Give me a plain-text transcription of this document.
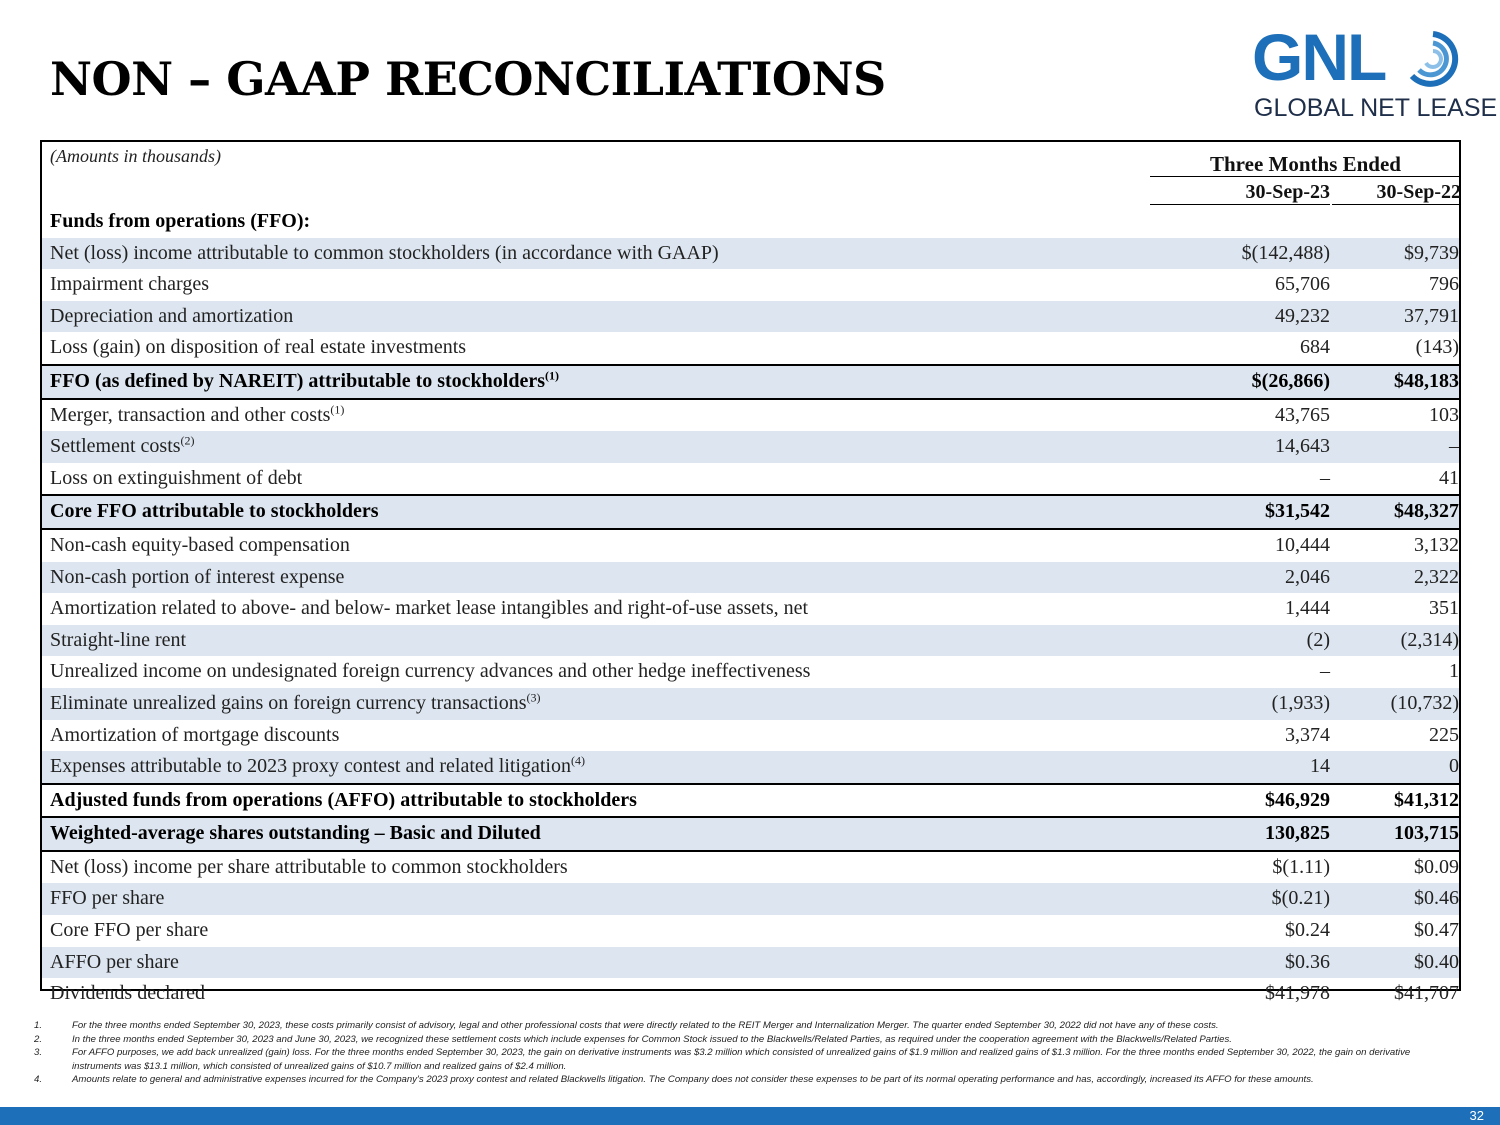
NON – GAAP RECONCILIATIONS	GNL
GLOBAL NET LEASE
(Amounts in thousands)	Three Months Ended
30-Sep-23	30-Sep-22
Funds from operations (FFO):
Net (loss) income attributable to common stockholders (in accordance with GAAP)	$(142,488)	$9,739
Impairment charges	65,706	796
Depreciation and amortization	49,232	37,791
Loss (gain) on disposition of real estate investments	684	(143)
FFO (as defined by NAREIT) attributable to stockholders$^{(1)}$	$(26,866)	$48,183
Merger, transaction and other costs$^{(1)}$	43,765	103
Settlement costs$^{(2)}$	14,643	–
Loss on extinguishment of debt	–	41
Core FFO attributable to stockholders	$31,542	$48,327
Non-cash equity-based compensation	10,444	3,132
Non-cash portion of interest expense	2,046	2,322
Amortization related to above- and below- market lease intangibles and right-of-use assets, net	1,444	351
Straight-line rent	(2)	(2,314)
Unrealized income on undesignated foreign currency advances and other hedge ineffectiveness	–	1
Eliminate unrealized gains on foreign currency transactions$^{(3)}$	(1,933)	(10,732)
Amortization of mortgage discounts	3,374	225
Expenses attributable to 2023 proxy contest and related litigation$^{(4)}$	14	0
Adjusted funds from operations (AFFO) attributable to stockholders	$46,929	$41,312
Weighted-average shares outstanding – Basic and Diluted	130,825	103,715
Net (loss) income per share attributable to common stockholders	$(1.11)	$0.09
FFO per share	$(0.21)	$0.46
Core FFO per share	$0.24	$0.47
AFFO per share	$0.36	$0.40
Dividends declared	$41,978	$41,707
1.	For the three months ended September 30, 2023, these costs primarily consist of advisory, legal and other professional costs that were directly related to the REIT Merger and Internalization Merger. The quarter ended September 30, 2022 did not have any of these costs.
2.	In the three months ended September 30, 2023 and June 30, 2023, we recognized these settlement costs which include expenses for Common Stock issued to the Blackwells/Related Parties, as required under the cooperation agreement with the Blackwells/Related Parties.
3.	For AFFO purposes, we add back unrealized (gain) loss. For the three months ended September 30, 2023, the gain on derivative instruments was $3.2 million which consisted of unrealized gains of $1.9 million and realized gains of $1.3 million. For the three months ended September 30, 2022, the gain on derivative instruments was $13.1 million, which consisted of unrealized gains of $10.7 million and realized gains of $2.4 million.
4.	Amounts relate to general and administrative expenses incurred for the Company's 2023 proxy contest and related Blackwells litigation. The Company does not consider these expenses to be part of its normal operating performance and has, accordingly, increased its AFFO for these amounts.
32
